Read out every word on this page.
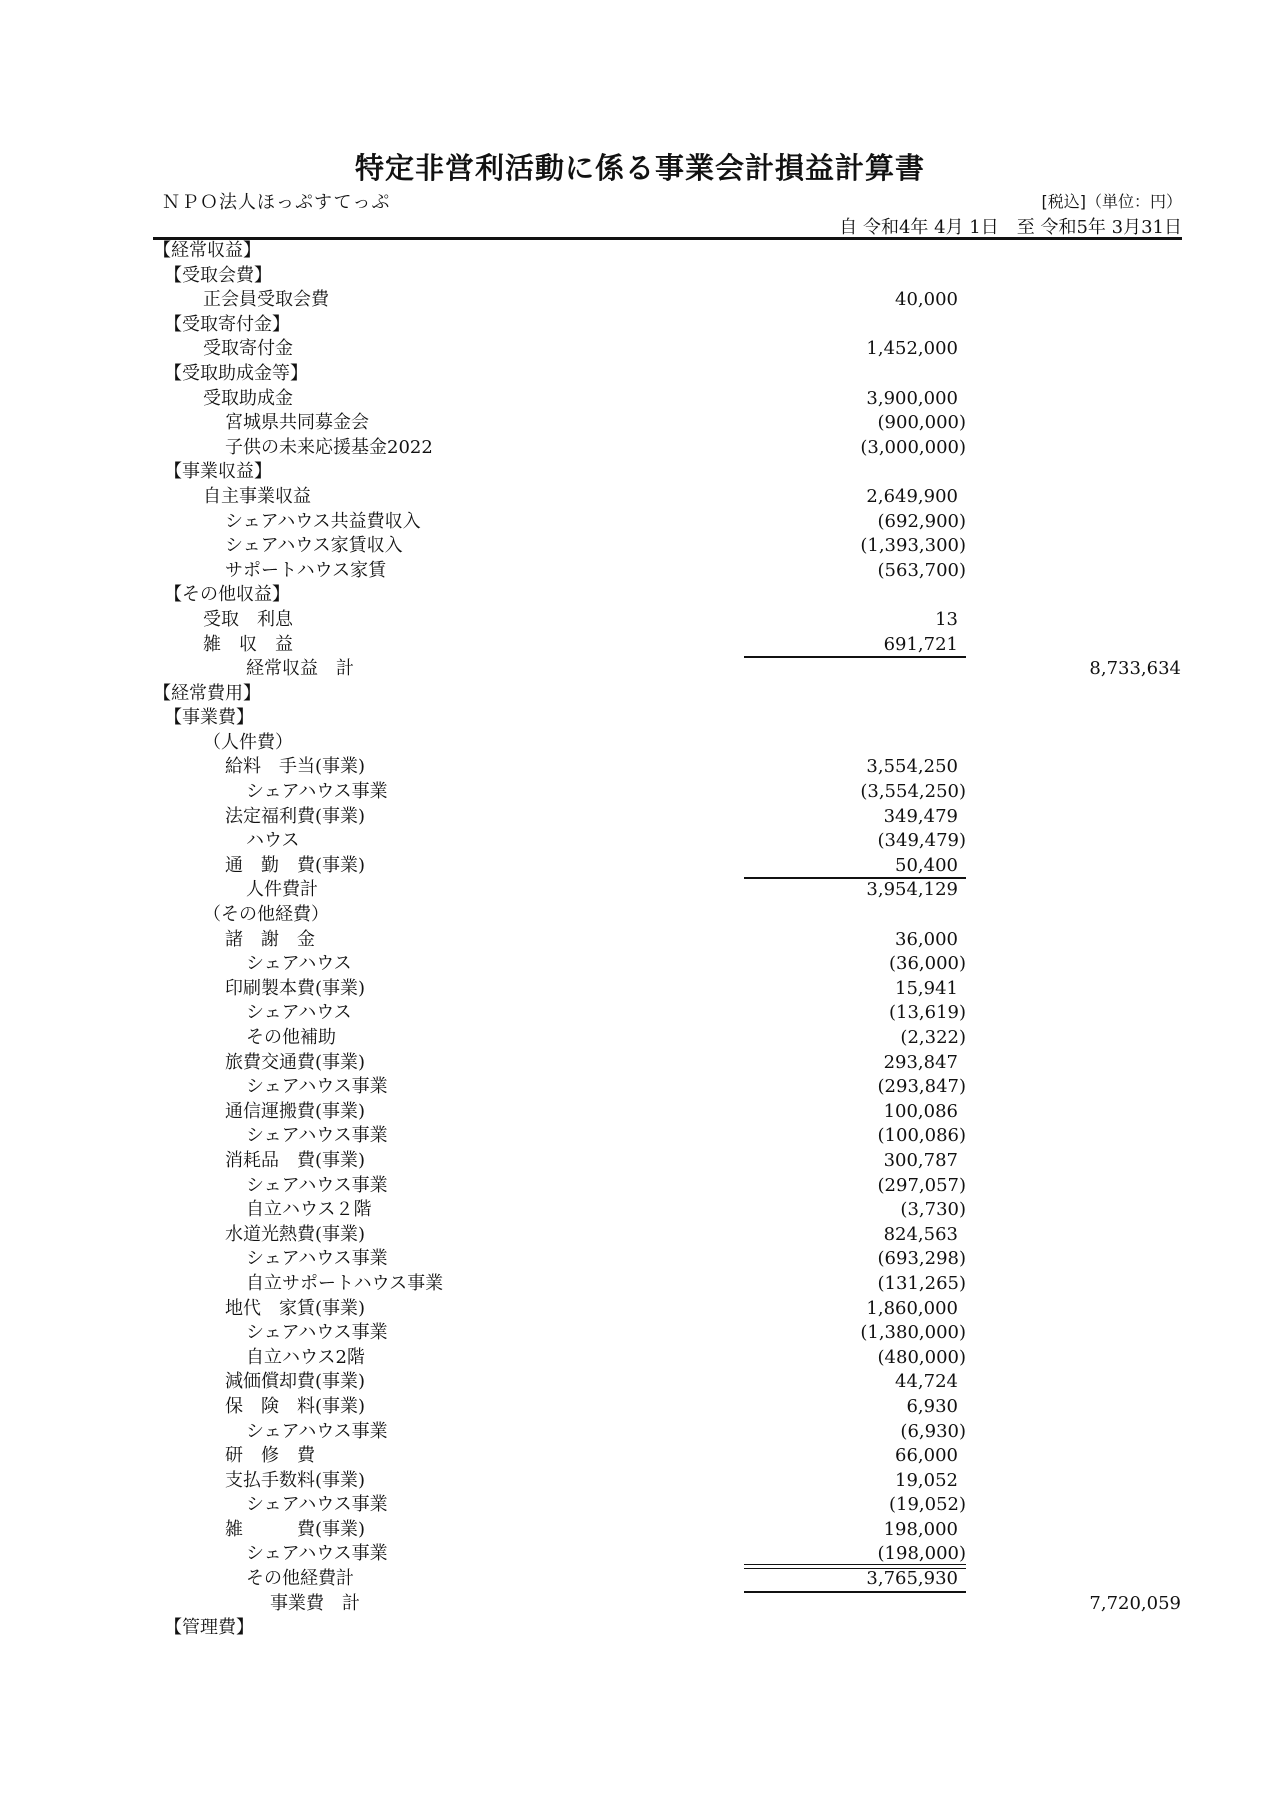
特定非営利活動に係る事業会計損益計算書
ＮＰＯ法人ほっぷすてっぷ	[税込]（単位：円）
自 令和4年 4月 1日　至 令和5年 3月31日
【経常収益】
【受取会費】
正会員受取会費	40,000
【受取寄付金】
受取寄付金	1,452,000
【受取助成金等】
受取助成金	3,900,000
宮城県共同募金会	(900,000)
子供の未来応援基金2022	(3,000,000)
【事業収益】
自主事業収益	2,649,900
シェアハウス共益費収入	(692,900)
シェアハウス家賃収入	(1,393,300)
サポートハウス家賃	(563,700)
【その他収益】
受取　利息	13
雑　収　益	691,721
経常収益　計	8,733,634
【経常費用】
【事業費】
（人件費）
給料　手当(事業)	3,554,250
シェアハウス事業	(3,554,250)
法定福利費(事業)	349,479
ハウス	(349,479)
通　勤　費(事業)	50,400
人件費計	3,954,129
（その他経費）
諸　謝　金	36,000
シェアハウス	(36,000)
印刷製本費(事業)	15,941
シェアハウス	(13,619)
その他補助	(2,322)
旅費交通費(事業)	293,847
シェアハウス事業	(293,847)
通信運搬費(事業)	100,086
シェアハウス事業	(100,086)
消耗品　費(事業)	300,787
シェアハウス事業	(297,057)
自立ハウス２階	(3,730)
水道光熱費(事業)	824,563
シェアハウス事業	(693,298)
自立サポートハウス事業	(131,265)
地代　家賃(事業)	1,860,000
シェアハウス事業	(1,380,000)
自立ハウス2階	(480,000)
減価償却費(事業)	44,724
保　険　料(事業)	6,930
シェアハウス事業	(6,930)
研　修　費	66,000
支払手数料(事業)	19,052
シェアハウス事業	(19,052)
雑　　　費(事業)	198,000
シェアハウス事業	(198,000)
その他経費計	3,765,930
事業費　計	7,720,059
【管理費】
